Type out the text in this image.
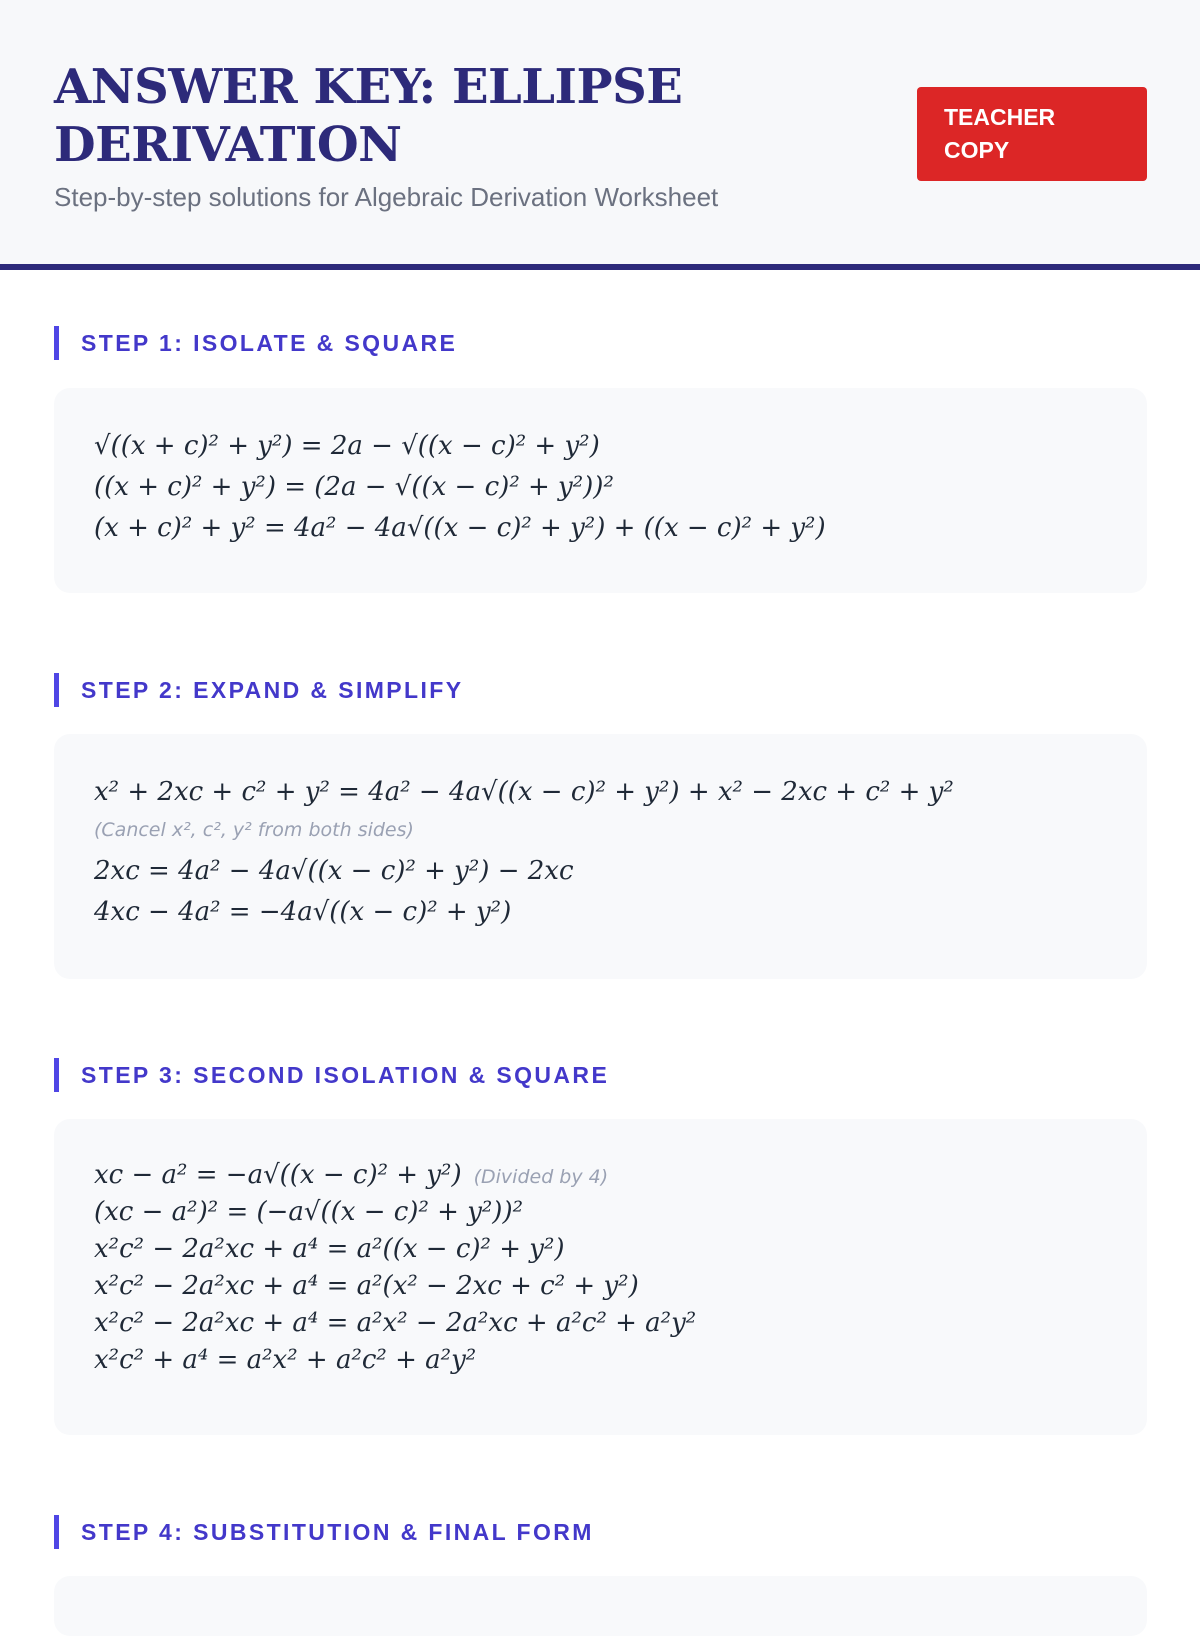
ANSWER KEY: ELLIPSE DERIVATION
Step-by-step solutions for Algebraic Derivation Worksheet
TEACHER COPY
STEP 1: ISOLATE & SQUARE
√((x + c)² + y²) = 2a − √((x − c)² + y²)
((x + c)² + y²) = (2a − √((x − c)² + y²))²
(x + c)² + y² = 4a² − 4a√((x − c)² + y²) + ((x − c)² + y²)
STEP 2: EXPAND & SIMPLIFY
x² + 2xc + c² + y² = 4a² − 4a√((x − c)² + y²) + x² − 2xc + c² + y²
(Cancel x², c², y² from both sides)
2xc = 4a² − 4a√((x − c)² + y²) − 2xc
4xc − 4a² = −4a√((x − c)² + y²)
STEP 3: SECOND ISOLATION & SQUARE
xc − a² = −a√((x − c)² + y²) (Divided by 4)
(xc − a²)² = (−a√((x − c)² + y²))²
x²c² − 2a²xc + a⁴ = a²((x − c)² + y²)
x²c² − 2a²xc + a⁴ = a²(x² − 2xc + c² + y²)
x²c² − 2a²xc + a⁴ = a²x² − 2a²xc + a²c² + a²y²
x²c² + a⁴ = a²x² + a²c² + a²y²
STEP 4: SUBSTITUTION & FINAL FORM
